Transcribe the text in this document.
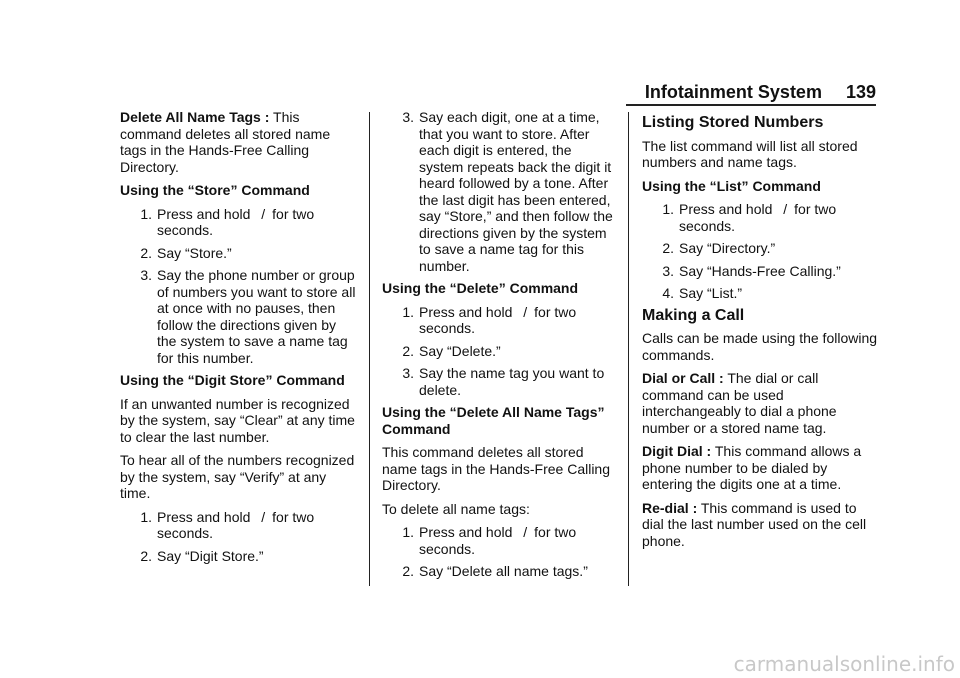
Infotainment System 139

Delete All Name Tags : This command deletes all stored name tags in the Hands-Free Calling Directory.

Using the “Store” Command

1. Press and hold  / for two seconds.
2. Say “Store.”
3. Say the phone number or group of numbers you want to store all at once with no pauses, then follow the directions given by the system to save a name tag for this number.

Using the “Digit Store” Command

If an unwanted number is recognized by the system, say “Clear” at any time to clear the last number.

To hear all of the numbers recognized by the system, say “Verify” at any time.

1. Press and hold  / for two seconds.
2. Say “Digit Store.”
3. Say each digit, one at a time, that you want to store. After each digit is entered, the system repeats back the digit it heard followed by a tone. After the last digit has been entered, say “Store,” and then follow the directions given by the system to save a name tag for this number.

Using the “Delete” Command

1. Press and hold  / for two seconds.
2. Say “Delete.”
3. Say the name tag you want to delete.

Using the “Delete All Name Tags” Command

This command deletes all stored name tags in the Hands-Free Calling Directory.

To delete all name tags:

1. Press and hold  / for two seconds.
2. Say “Delete all name tags.”
Listing Stored Numbers

The list command will list all stored numbers and name tags.

Using the “List” Command

1. Press and hold  / for two seconds.
2. Say “Directory.”
3. Say “Hands-Free Calling.”
4. Say “List.”
Making a Call

Calls can be made using the following commands.

Dial or Call : The dial or call command can be used interchangeably to dial a phone number or a stored name tag.

Digit Dial : This command allows a phone number to be dialed by entering the digits one at a time.

Re-dial : This command is used to dial the last number used on the cell phone.

carmanualsonline.info
